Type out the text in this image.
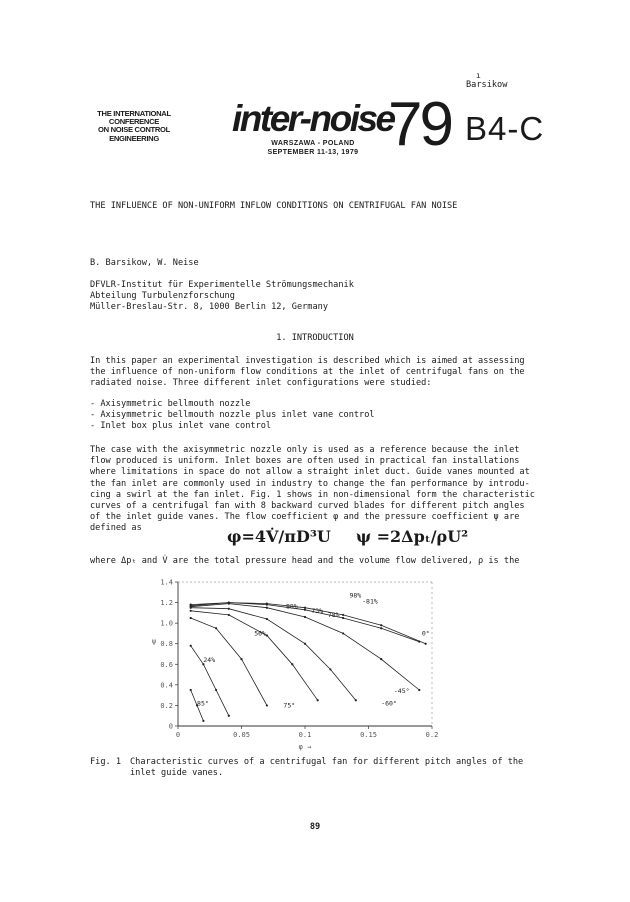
ı
Barsikow
THE INTERNATIONAL
CONFERENCE
ON NOISE CONTROL
ENGINEERING	inter-noise
79
WARSZAWA - POLAND
SEPTEMBER 11-13, 1979
B4-C
THE INFLUENCE OF NON-UNIFORM INFLOW CONDITIONS ON CENTRIFUGAL FAN NOISE
B. Barsikow, W. Neise
DFVLR-Institut für Experimentelle Strömungsmechanik
Abteilung Turbulenzforschung
Müller-Breslau-Str. 8, 1000 Berlin 12, Germany
1. INTRODUCTION
In this paper an experimental investigation is described which is aimed at assessing
the influence of non-uniform flow conditions at the inlet of centrifugal fans on the
radiated noise. Three different inlet configurations were studied:
- Axisymmetric bellmouth nozzle
- Axisymmetric bellmouth nozzle plus inlet vane control
- Inlet box plus inlet vane control
The case with the axisymmetric nozzle only is used as a reference because the inlet
flow produced is uniform. Inlet boxes are often used in practical fan installations
where limitations in space do not allow a straight inlet duct. Guide vanes mounted at
the fan inlet are commonly used in industry to change the fan performance by introdu-
cing a swirl at the fan inlet. Fig. 1 shows in non-dimensional form the characteristic
curves of a centrifugal fan with 8 backward curved blades for different pitch angles
of the inlet guide vanes. The flow coefficient φ and the pressure coefficient ψ are
defined as	φ=4V̇/πD³U ψ =2Δpₜ/ρU²
where Δpₜ and V̇ are the total pressure head and the volume flow delivered, ρ is the
0	0.05	0.1	0.15	0.2
0
0.2
0.4
0.6
0.8
1.0
1.2
1.4
φ →
ψ
98%
-81%
88%
73%
78%
56%
24%
85°	75°	-60°
-45°
0°
Fig. 1 Characteristic curves of a centrifugal fan for different pitch angles of the inlet guide vanes.
89
